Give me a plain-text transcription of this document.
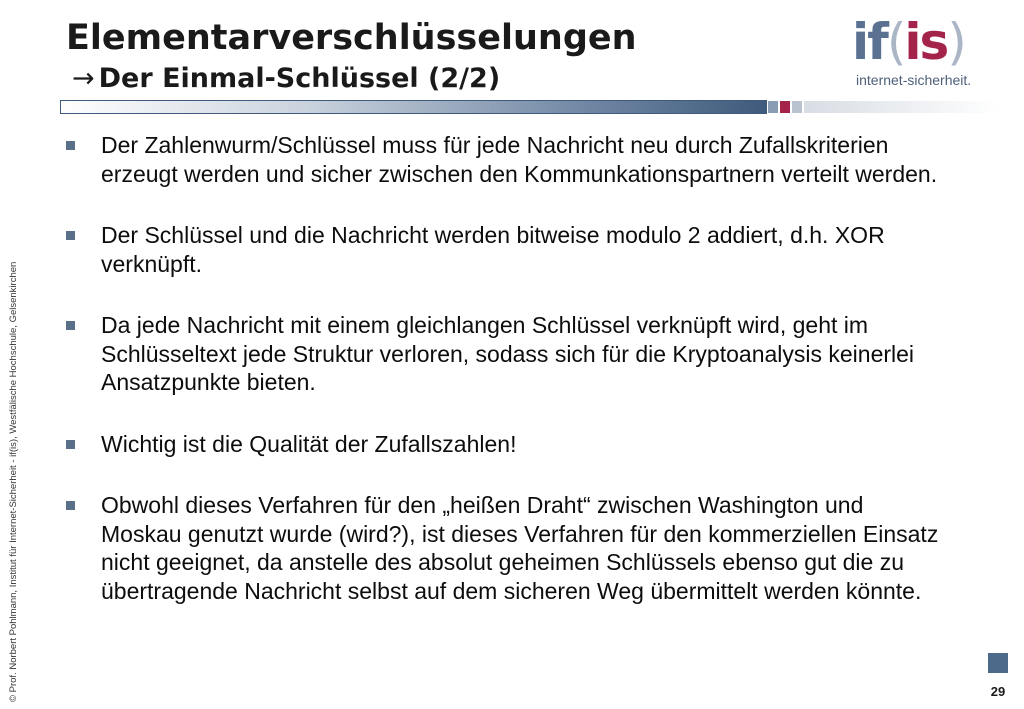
Elementarverschlüsselungen
→ Der Einmal-Schlüssel (2/2)
if(is)
internet-sicherheit.
© Prof. Norbert Pohlmann, Institut für Internet-Sicherheit - if(is), Westfälische Hochschule, Gelsenkirchen
Der Zahlenwurm/Schlüssel muss für jede Nachricht neu durch Zufallskriterien erzeugt werden und sicher zwischen den Kommunkationspartnern verteilt werden.
Der Schlüssel und die Nachricht werden bitweise modulo 2 addiert, d.h. XOR verknüpft.
Da jede Nachricht mit einem gleichlangen Schlüssel verknüpft wird, geht im Schlüsseltext jede Struktur verloren, sodass sich für die Kryptoanalysis keinerlei Ansatzpunkte bieten.
Wichtig ist die Qualität der Zufallszahlen!
Obwohl dieses Verfahren für den „heißen Draht“ zwischen Washington und Moskau genutzt wurde (wird?), ist dieses Verfahren für den kommerziellen Einsatz nicht geeignet, da anstelle des absolut geheimen Schlüssels ebenso gut die zu übertragende Nachricht selbst auf dem sicheren Weg übermittelt werden könnte.
29
